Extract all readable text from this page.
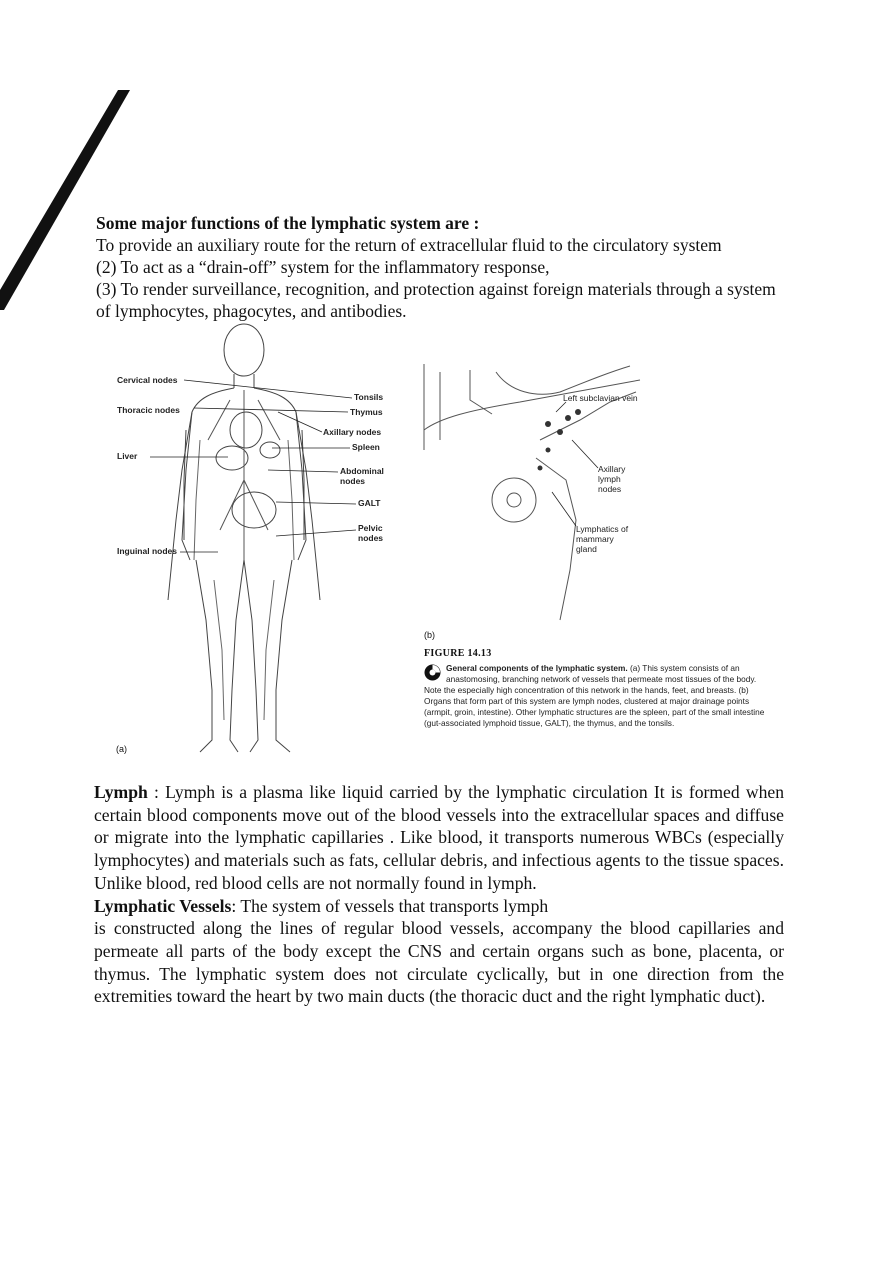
Some major functions of the lymphatic system are :

To provide an auxiliary route for the return of extracellular fluid to the circulatory system

(2) To act as a “drain-off” system for the inflammatory response,

(3) To render surveillance, recognition, and protection against foreign materials through a system of lymphocytes, phagocytes, and antibodies.

Cervical nodes
Thoracic nodes
Liver
Inguinal nodes
Tonsils
Thymus
Axillary nodes
Spleen
Abdominal nodes
GALT
Pelvic nodes
Left subclavian vein
Axillary lymph nodes
Lymphatics of mammary gland
(a)
(b)
FIGURE 14.13
General components of the lymphatic system. (a) This system consists of an anastomosing, branching network of vessels that permeate most tissues of the body. Note the especially high concentration of this network in the hands, feet, and breasts. (b) Organs that form part of this system are lymph nodes, clustered at major drainage points (armpit, groin, intestine). Other lymphatic structures are the spleen, part of the small intestine (gut-associated lymphoid tissue, GALT), the thymus, and the tonsils.

Lymph : Lymph is a plasma like liquid carried by the lymphatic circulation It is formed when certain blood components move out of the blood vessels into the extracellular spaces and diffuse or migrate into the lymphatic capillaries . Like blood, it transports numerous WBCs (especially lymphocytes) and materials such as fats, cellular debris, and infectious agents to the tissue spaces. Unlike blood, red blood cells are not normally found in lymph.

Lymphatic Vessels: The system of vessels that transports lymph

is constructed along the lines of regular blood vessels, accompany the blood capillaries and permeate all parts of the body except the CNS and certain organs such as bone, placenta, or thymus. The lymphatic system does not circulate cyclically, but in one direction from the extremities toward the heart by two main ducts (the thoracic duct and the right lymphatic duct).
